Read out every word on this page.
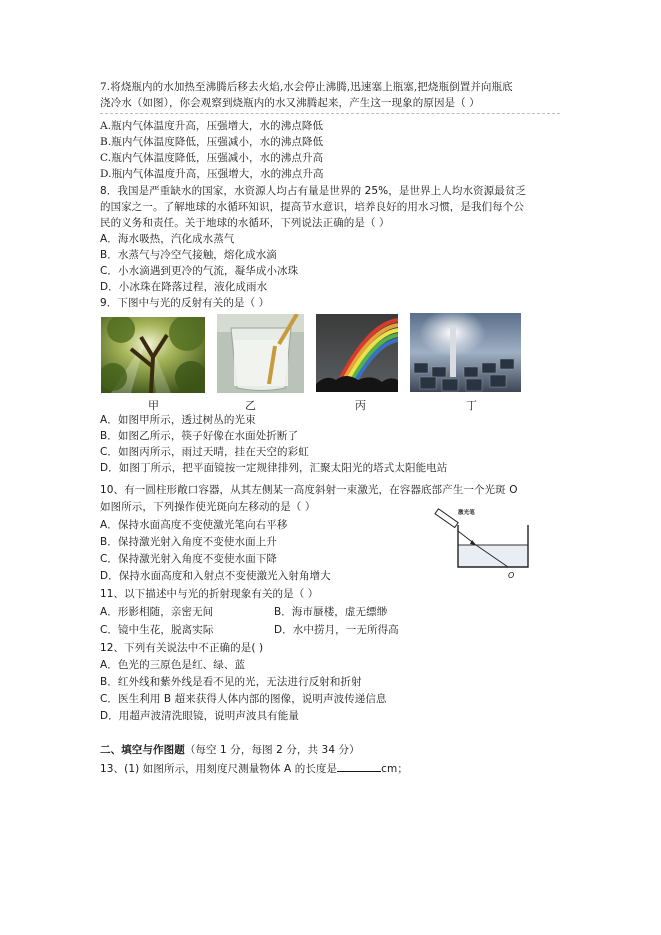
7.将烧瓶内的水加热至沸腾后移去火焰,水会停止沸腾,迅速塞上瓶塞,把烧瓶倒置并向瓶底
浇冷水（如图），你会观察到烧瓶内的水又沸腾起来，产生这一现象的原因是（ ）
A.瓶内气体温度升高，压强增大，水的沸点降低
B.瓶内气体温度降低，压强减小，水的沸点降低
C.瓶内气体温度降低，压强减小，水的沸点升高
D.瓶内气体温度升高，压强增大，水的沸点升高
8．我国是严重缺水的国家，水资源人均占有量是世界的 25%，是世界上人均水资源最贫乏
的国家之一。了解地球的水循环知识，提高节水意识，培养良好的用水习惯，是我们每个公
民的义务和责任。关于地球的水循环，下列说法正确的是（ ）
A．海水吸热，汽化成水蒸气
B．水蒸气与冷空气接触，熔化成水滴
C．小水滴遇到更冷的气流，凝华成小冰珠
D．小冰珠在降落过程，液化成雨水
9．下图中与光的反射有关的是（ ）
甲	乙	丙	丁
A．如图甲所示，透过树丛的光束
B．如图乙所示，筷子好像在水面处折断了
C．如图丙所示，雨过天晴，挂在天空的彩虹
D．如图丁所示，把平面镜按一定规律排列，汇聚太阳光的塔式太阳能电站
10、有一圆柱形敞口容器，从其左侧某一高度斜射一束激光，在容器底部产生一个光斑 O
如图所示，下列操作使光斑向左移动的是（ ）
A．保持水面高度不变使激光笔向右平移
B．保持激光射入角度不变使水面上升
C．保持激光射入角度不变使水面下降
D．保持水面高度和入射点不变使激光入射角增大
激光笔
O
11、以下描述中与光的折射现象有关的是（ ）
A．形影相随，亲密无间	B．海市蜃楼，虚无缥缈
C．镜中生花，脱离实际	D．水中捞月，一无所得高
12、下列有关说法中不正确的是( )
A．色光的三原色是红、绿、蓝
B．红外线和紫外线是看不见的光，无法进行反射和折射
C．医生利用 B 超来获得人体内部的图像，说明声波传递信息
D．用超声波清洗眼镜，说明声波具有能量
二、填空与作图题（每空 1 分，每图 2 分，共 34 分）
13、(1) 如图所示，用刻度尺测量物体 A 的长度是	cm；
